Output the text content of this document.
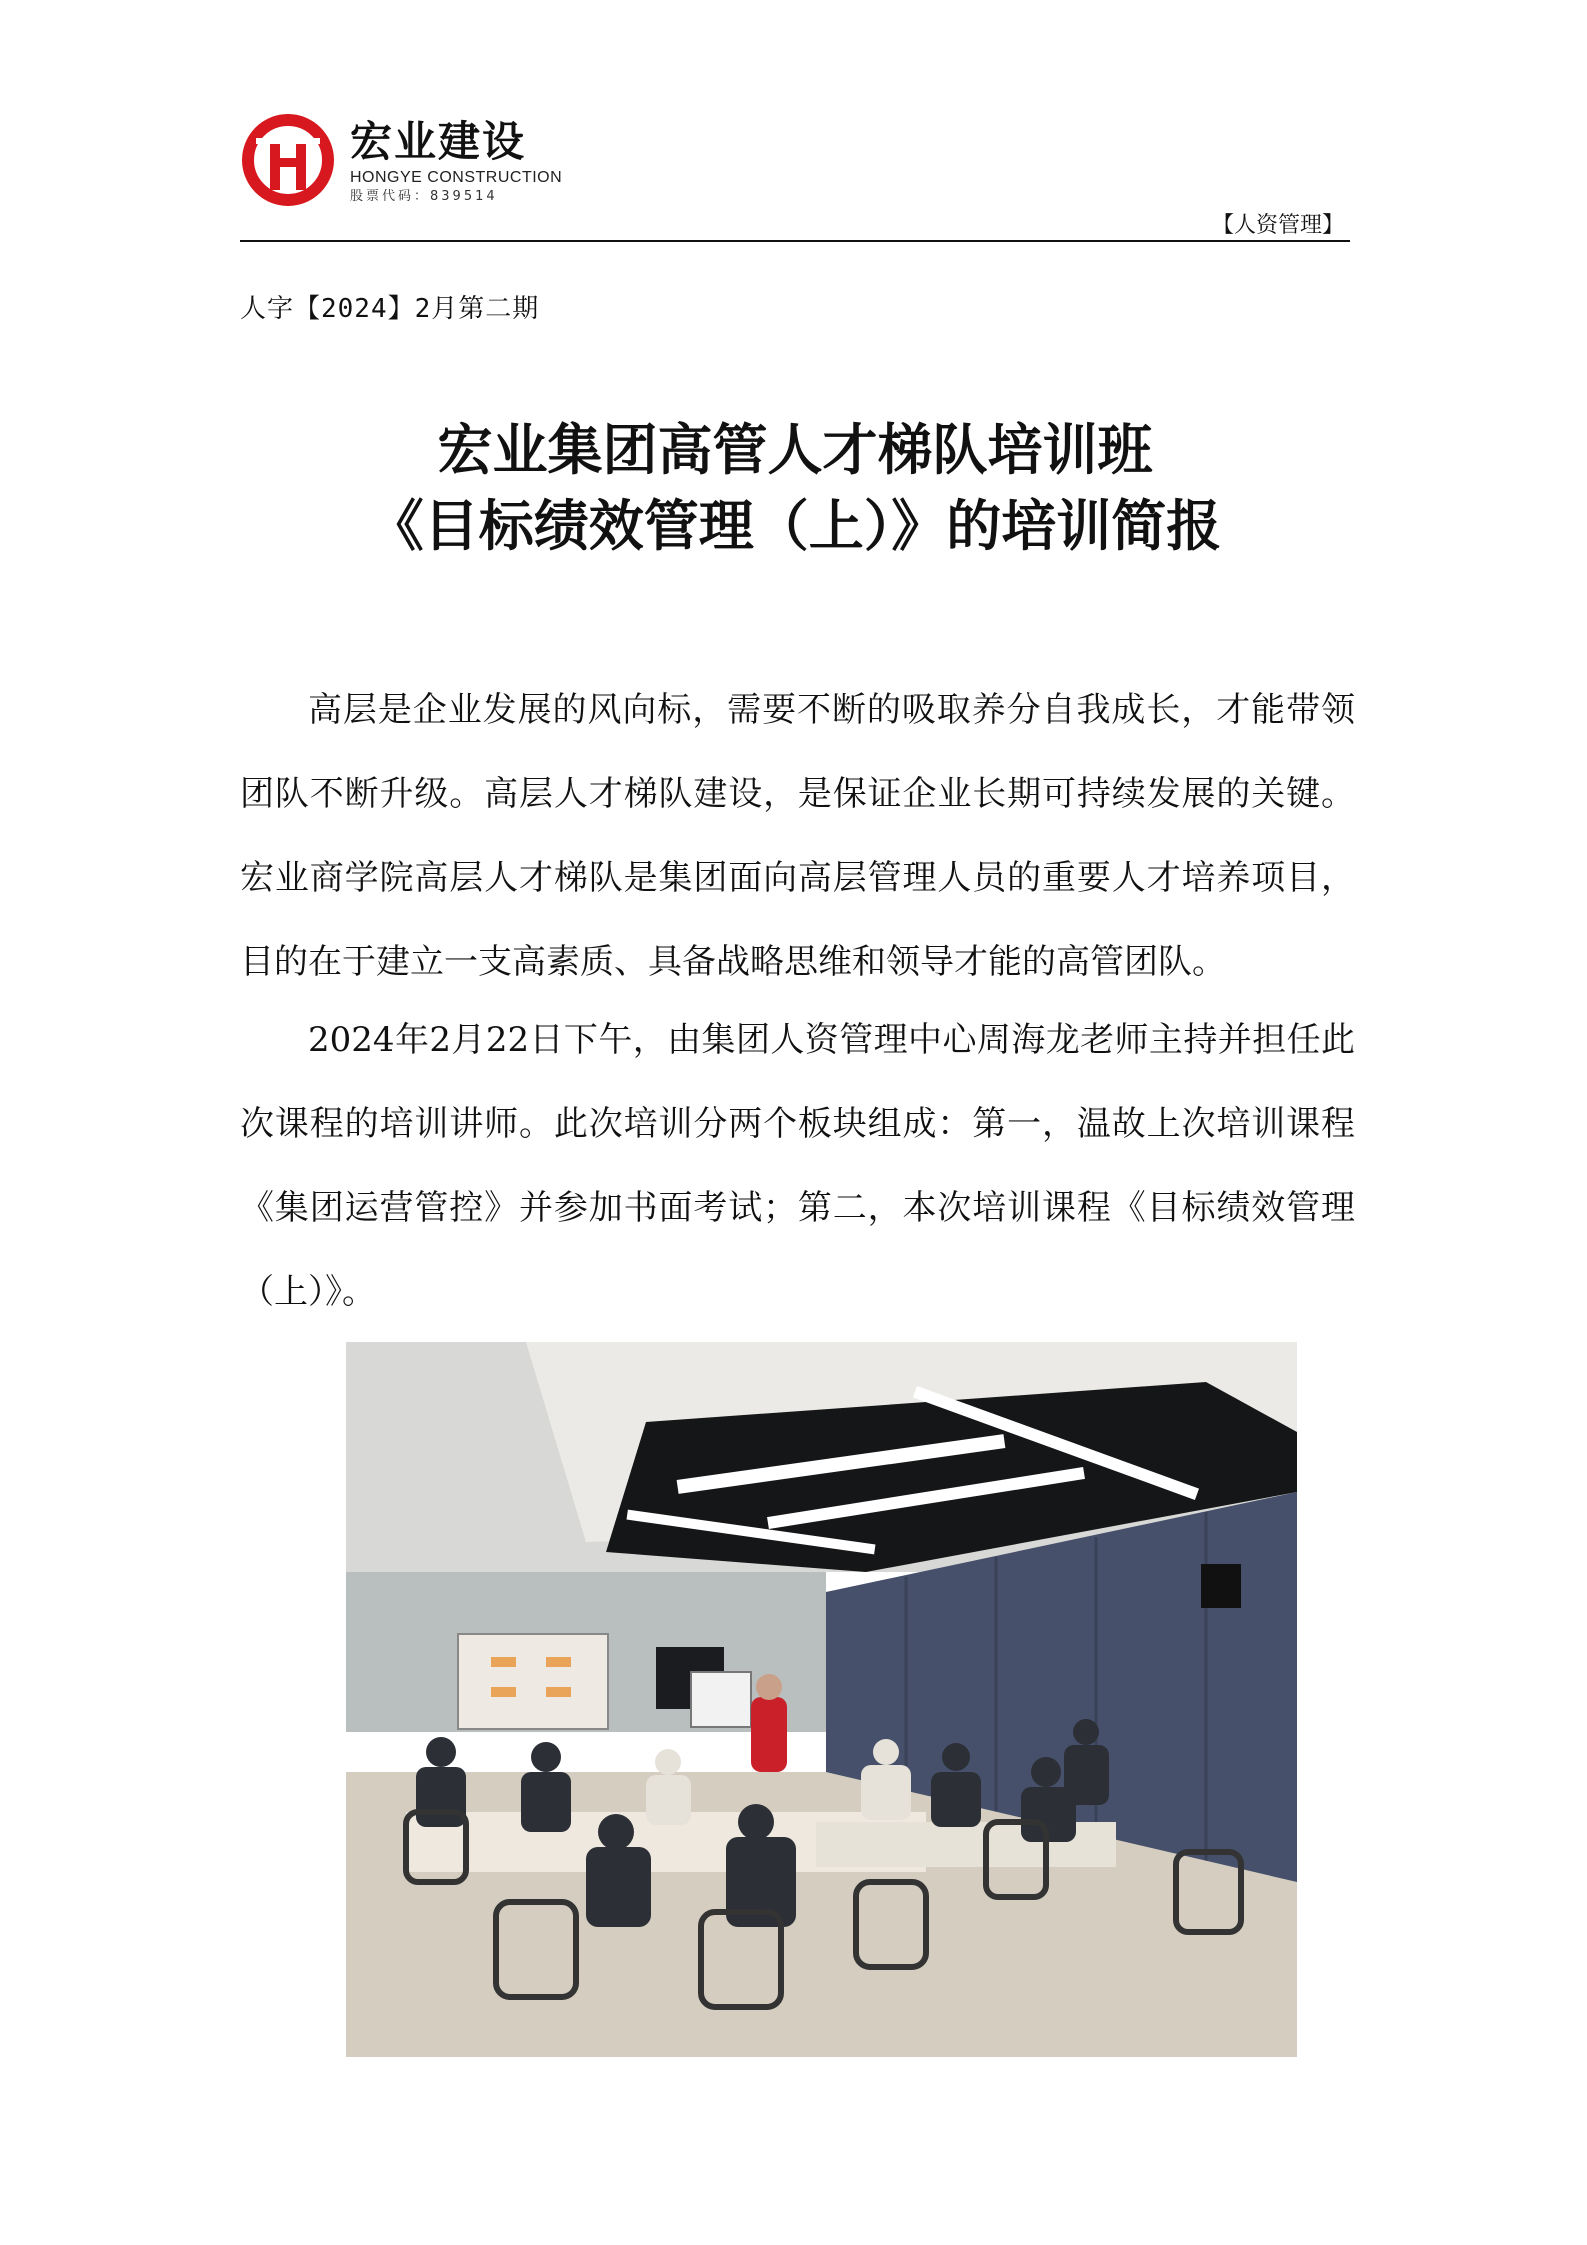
宏业建设
HONGYE CONSTRUCTION
股票代码：839514
【人资管理】
人字【2024】2月第二期
宏业集团高管人才梯队培训班

《目标绩效管理（上）》的培训简报

高层是企业发展的风向标，需要不断的吸取养分自我成长，才能带领团队不断升级。高层人才梯队建设，是保证企业长期可持续发展的关键。宏业商学院高层人才梯队是集团面向高层管理人员的重要人才培养项目，目的在于建立一支高素质、具备战略思维和领导才能的高管团队。

2024年2月22日下午，由集团人资管理中心周海龙老师主持并担任此次课程的培训讲师。此次培训分两个板块组成：第一，温故上次培训课程《集团运营管控》并参加书面考试；第二，本次培训课程《目标绩效管理（上）》。
